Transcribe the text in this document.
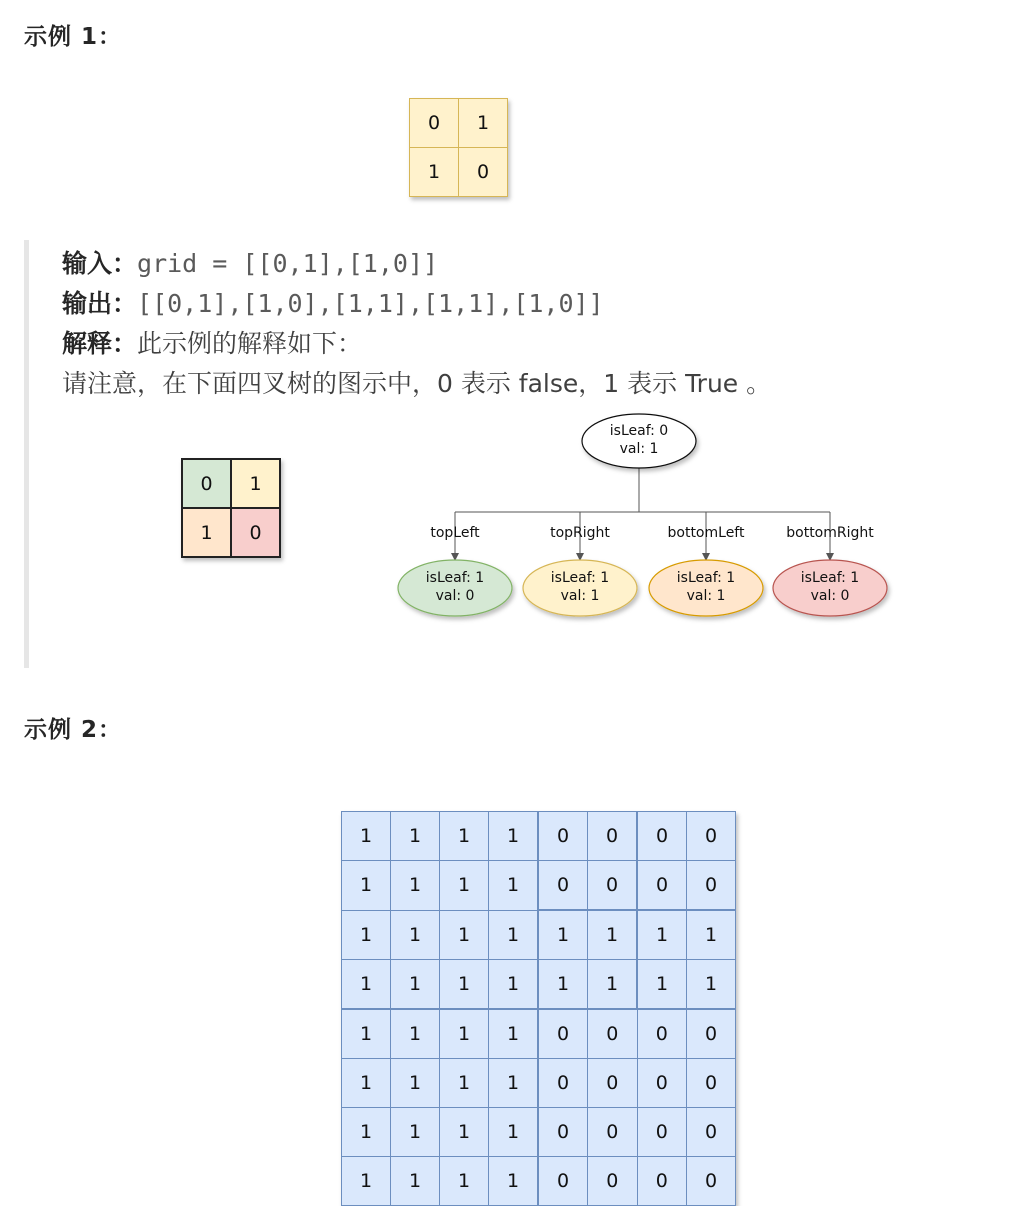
示例 1：
0	1
1	0
输入：grid = [[0,1],[1,0]]
输出：[[0,1],[1,0],[1,1],[1,1],[1,0]]
解释：此示例的解释如下：
请注意，在下面四叉树的图示中，0 表示 false，1 表示 True 。
0	1
1	0	topLeft	topRight	bottomLeft	bottomRight
isLeaf: 0
val: 1
isLeaf: 1
val: 0
isLeaf: 1
val: 1
isLeaf: 1
val: 1
isLeaf: 1
val: 0
示例 2：
1	1	1	1	0	0	0	0
1	1	1	1	0	0	0	0
1	1	1	1	1	1	1	1
1	1	1	1	1	1	1	1
1	1	1	1	0	0	0	0
1	1	1	1	0	0	0	0
1	1	1	1	0	0	0	0
1	1	1	1	0	0	0	0
